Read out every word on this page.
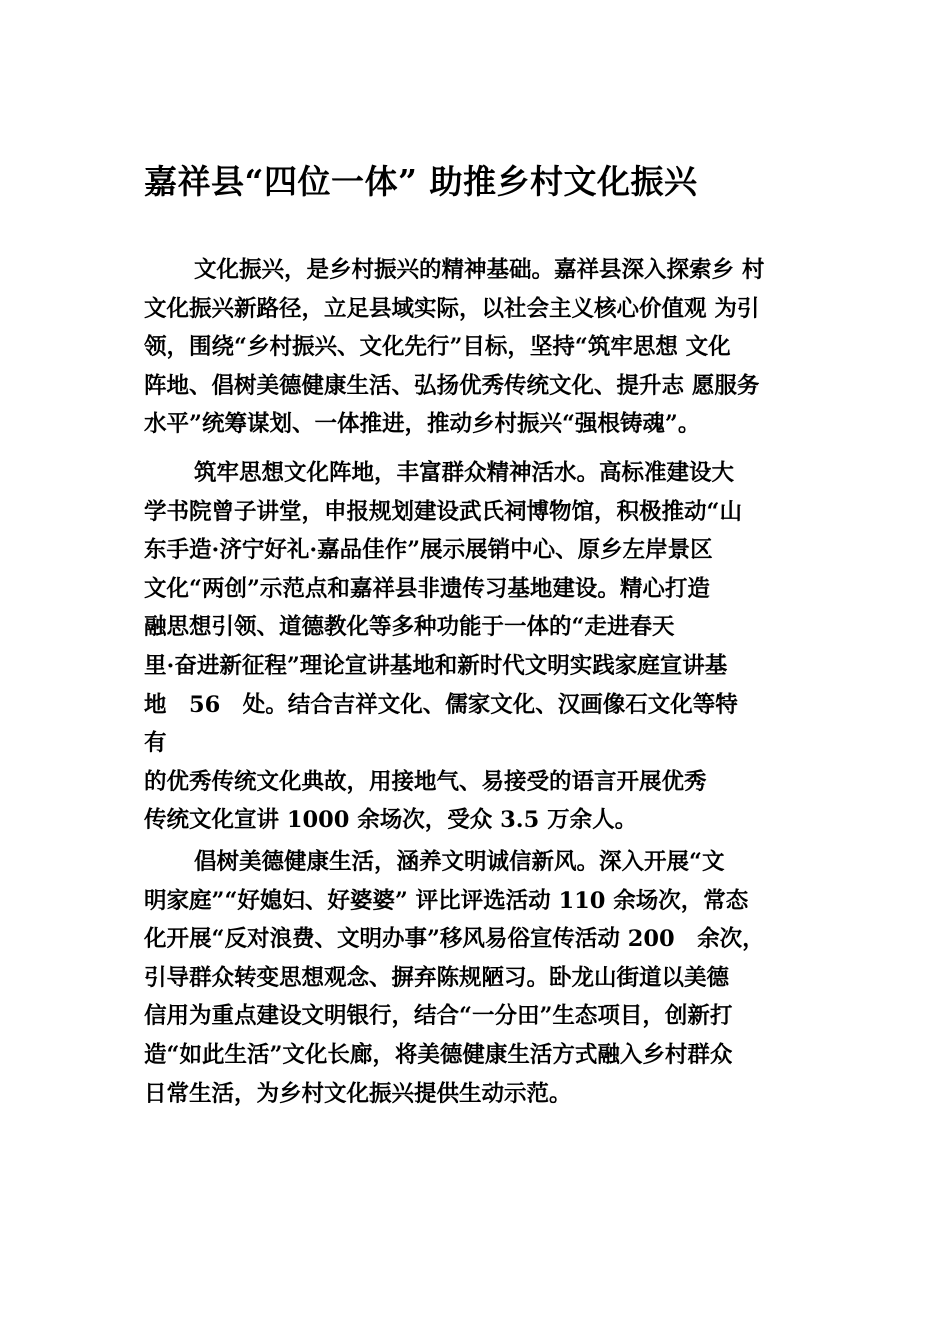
嘉祥县“四位一体” 助推乡村文化振兴

文化振兴，是乡村振兴的精神基础。嘉祥县深入探索乡 村
文化振兴新路径，立足县域实际，以社会主义核心价值观 为引
领，围绕“乡村振兴、文化先行”目标，坚持“筑牢思想 文化
阵地、倡树美德健康生活、弘扬优秀传统文化、提升志 愿服务
水平”统筹谋划、一体推进，推动乡村振兴“强根铸魂”。

筑牢思想文化阵地，丰富群众精神活水。高标准建设大
学书院曾子讲堂，申报规划建设武氏祠博物馆，积极推动“山
东手造·济宁好礼·嘉品佳作”展示展销中心、原乡左岸景区
文化“两创”示范点和嘉祥县非遗传习基地建设。精心打造
融思想引领、道德教化等多种功能于一体的“走进春天
里·奋进新征程”理论宣讲基地和新时代文明实践家庭宣讲基
地　56　处。结合吉祥文化、儒家文化、汉画像石文化等特
有
的优秀传统文化典故，用接地气、易接受的语言开展优秀
传统文化宣讲 1000 余场次，受众 3.5 万余人。

倡树美德健康生活，涵养文明诚信新风。深入开展“文
明家庭”“好媳妇、好婆婆” 评比评选活动 110 余场次，常态
化开展“反对浪费、文明办事”移风易俗宣传活动 200　余次，
引导群众转变思想观念、摒弃陈规陋习。卧龙山街道以美德
信用为重点建设文明银行，结合“一分田”生态项目，创新打
造“如此生活”文化长廊，将美德健康生活方式融入乡村群众
日常生活，为乡村文化振兴提供生动示范。
